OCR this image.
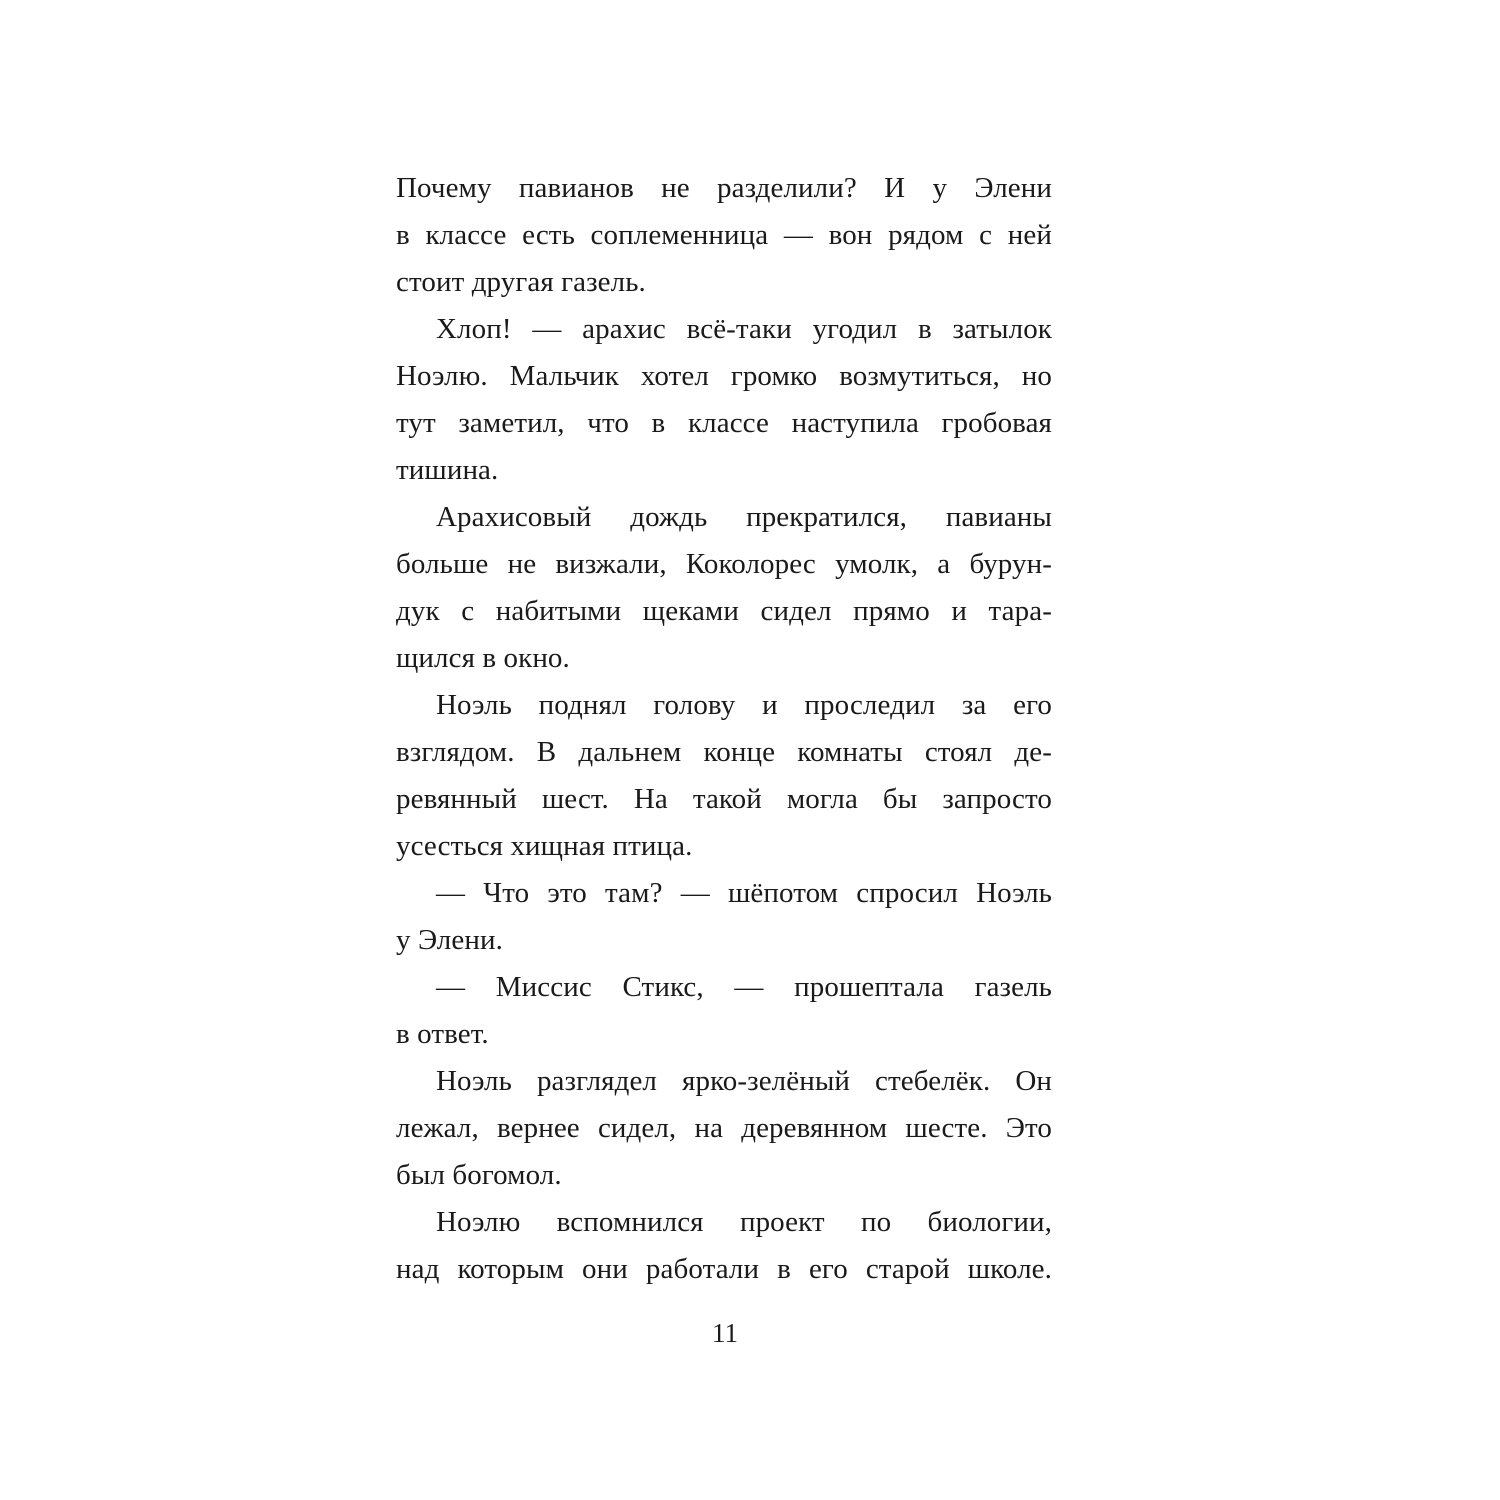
Почему павианов не разделили? И у Элени
в классе есть соплеменница — вон рядом с ней
стоит другая газель.
Хлоп! — арахис всё-таки угодил в затылок
Ноэлю. Мальчик хотел громко возмутиться, но
тут заметил, что в классе наступила гробовая
тишина.
Арахисовый дождь прекратился, павианы
больше не визжали, Коколорес умолк, а бурун-
дук с набитыми щеками сидел прямо и тара-
щился в окно.
Ноэль поднял голову и проследил за его
взглядом. В дальнем конце комнаты стоял де-
ревянный шест. На такой могла бы запросто
усесться хищная птица.
— Что это там? — шёпотом спросил Ноэль
у Элени.
— Миссис Стикс, — прошептала газель
в ответ.
Ноэль разглядел ярко-зелёный стебелёк. Он
лежал, вернее сидел, на деревянном шесте. Это
был богомол.
Ноэлю вспомнился проект по биологии,
над которым они работали в его старой школе.
11
